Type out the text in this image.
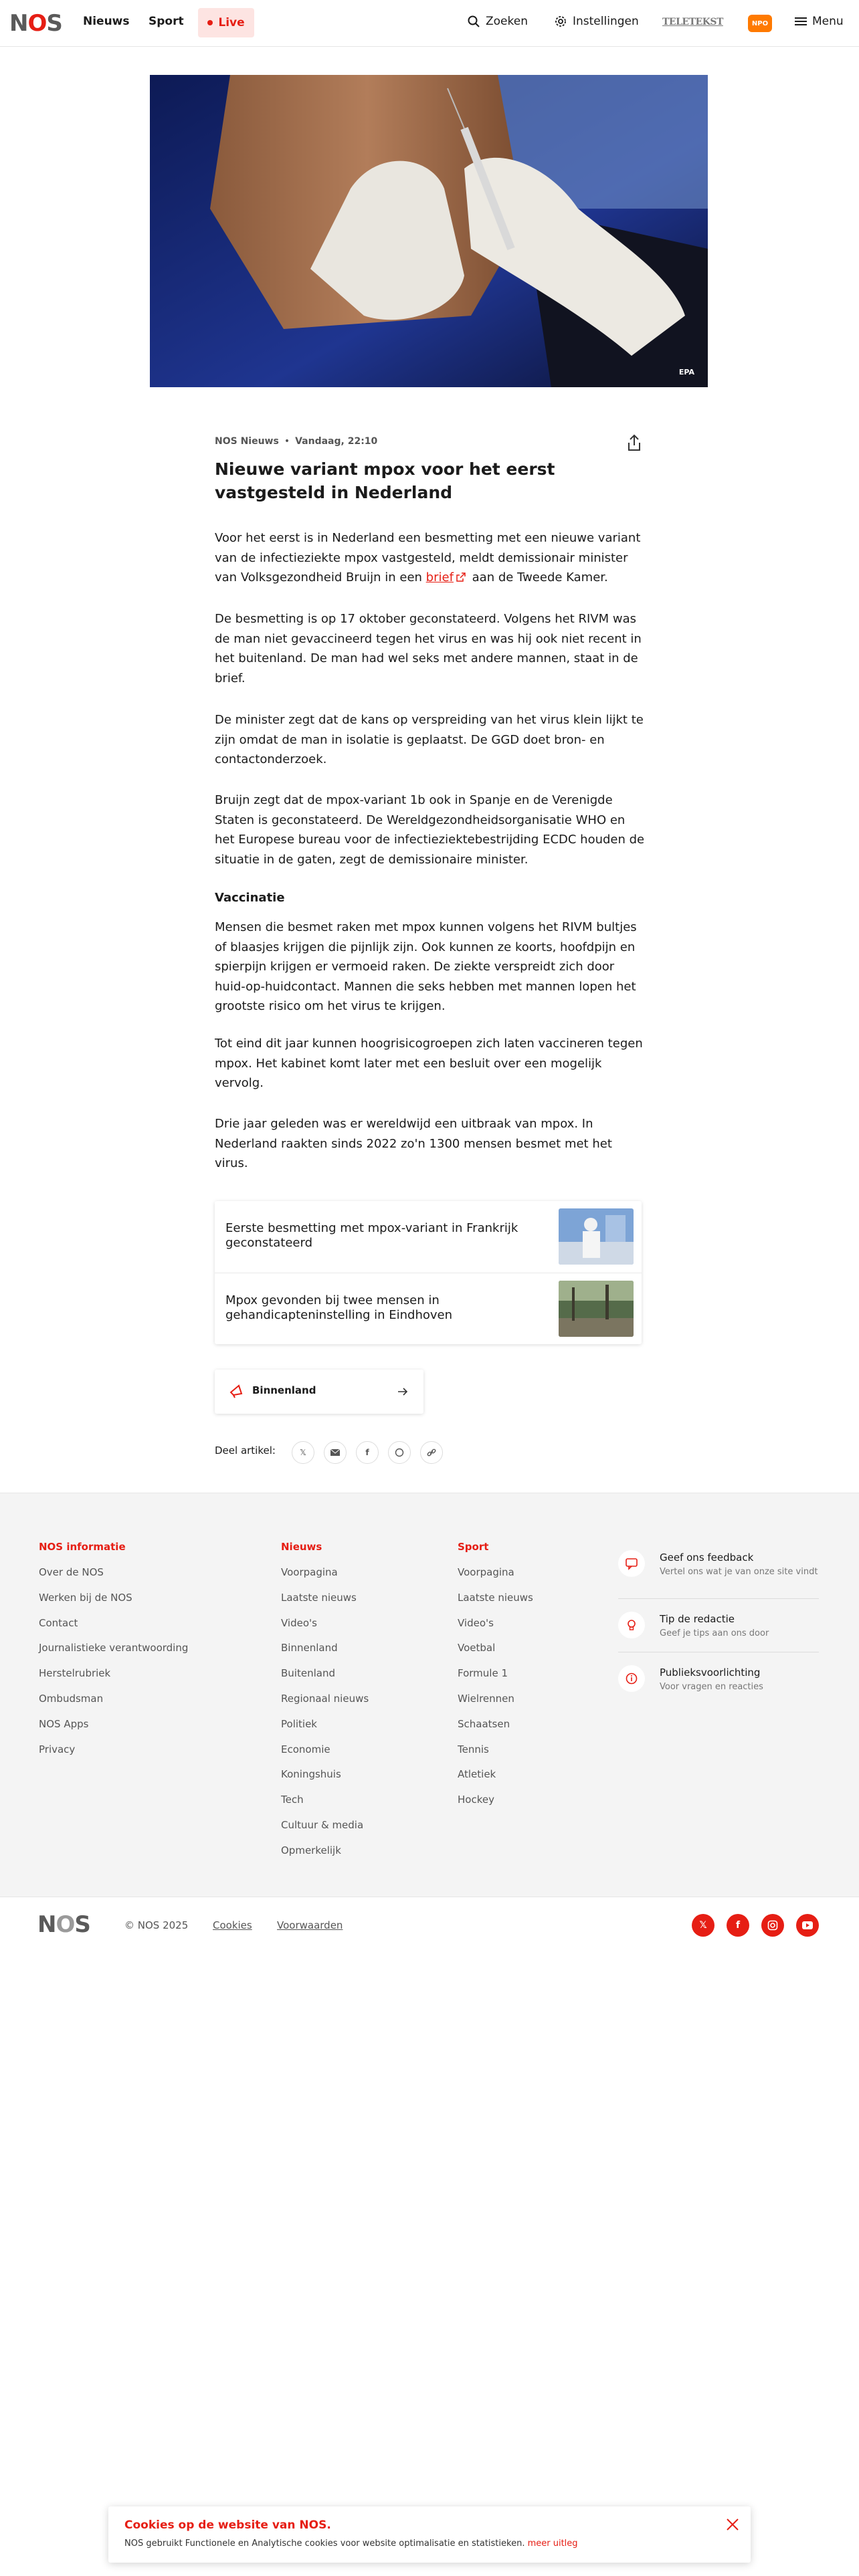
NOS Nieuws Sport	Live	Zoeken	Instellingen	TELETEKST	NPO	Menu
EPA
NOS Nieuws • Vandaag, 22:10
Nieuwe variant mpox voor het eerst vastgesteld in Nederland

Voor het eerst is in Nederland een besmetting met een nieuwe variant van de infectieziekte mpox vastgesteld, meldt demissionair minister van Volksgezondheid Bruijn in een brief aan de Tweede Kamer.

De besmetting is op 17 oktober geconstateerd. Volgens het RIVM was de man niet gevaccineerd tegen het virus en was hij ook niet recent in het buitenland. De man had wel seks met andere mannen, staat in de brief.

De minister zegt dat de kans op verspreiding van het virus klein lijkt te zijn omdat de man in isolatie is geplaatst. De GGD doet bron- en contactonderzoek.

Bruijn zegt dat de mpox-variant 1b ook in Spanje en de Verenigde Staten is geconstateerd. De Wereldgezondheidsorganisatie WHO en het Europese bureau voor de infectieziektebestrijding ECDC houden de situatie in de gaten, zegt de demissionaire minister.

Vaccinatie

Mensen die besmet raken met mpox kunnen volgens het RIVM bultjes of blaasjes krijgen die pijnlijk zijn. Ook kunnen ze koorts, hoofdpijn en spierpijn krijgen er vermoeid raken. De ziekte verspreidt zich door huid-op-huidcontact. Mannen die seks hebben met mannen lopen het grootste risico om het virus te krijgen.

Tot eind dit jaar kunnen hoogrisicogroepen zich laten vaccineren tegen mpox. Het kabinet komt later met een besluit over een mogelijk vervolg.

Drie jaar geleden was er wereldwijd een uitbraak van mpox. In Nederland raakten sinds 2022 zo'n 1300 mensen besmet met het virus.

Eerste besmetting met mpox-variant in Frankrijk geconstateerd
Mpox gevonden bij twee mensen in gehandicapteninstelling in Eindhoven
Binnenland
Deel artikel:	𝕏	f
NOS informatie
Over de NOS
Werken bij de NOS
Contact
Journalistieke verantwoording
Herstelrubriek
Ombudsman
NOS Apps
Privacy
Nieuws
Voorpagina
Laatste nieuws
Video's
Binnenland
Buitenland
Regionaal nieuws
Politiek
Economie
Koningshuis
Tech
Cultuur & media
Opmerkelijk
Sport
Voorpagina
Laatste nieuws
Video's
Voetbal
Formule 1
Wielrennen
Schaatsen
Tennis
Atletiek
Hockey
Geef ons feedback
Vertel ons wat je van onze site vindt
Tip de redactie
Geef je tips aan ons door
Publieksvoorlichting
Voor vragen en reacties
NOS	© NOS 2025 Cookies Voorwaarden	𝕏	f
Cookies op de website van NOS.
NOS gebruikt Functionele en Analytische cookies voor website optimalisatie en statistieken. meer uitleg
